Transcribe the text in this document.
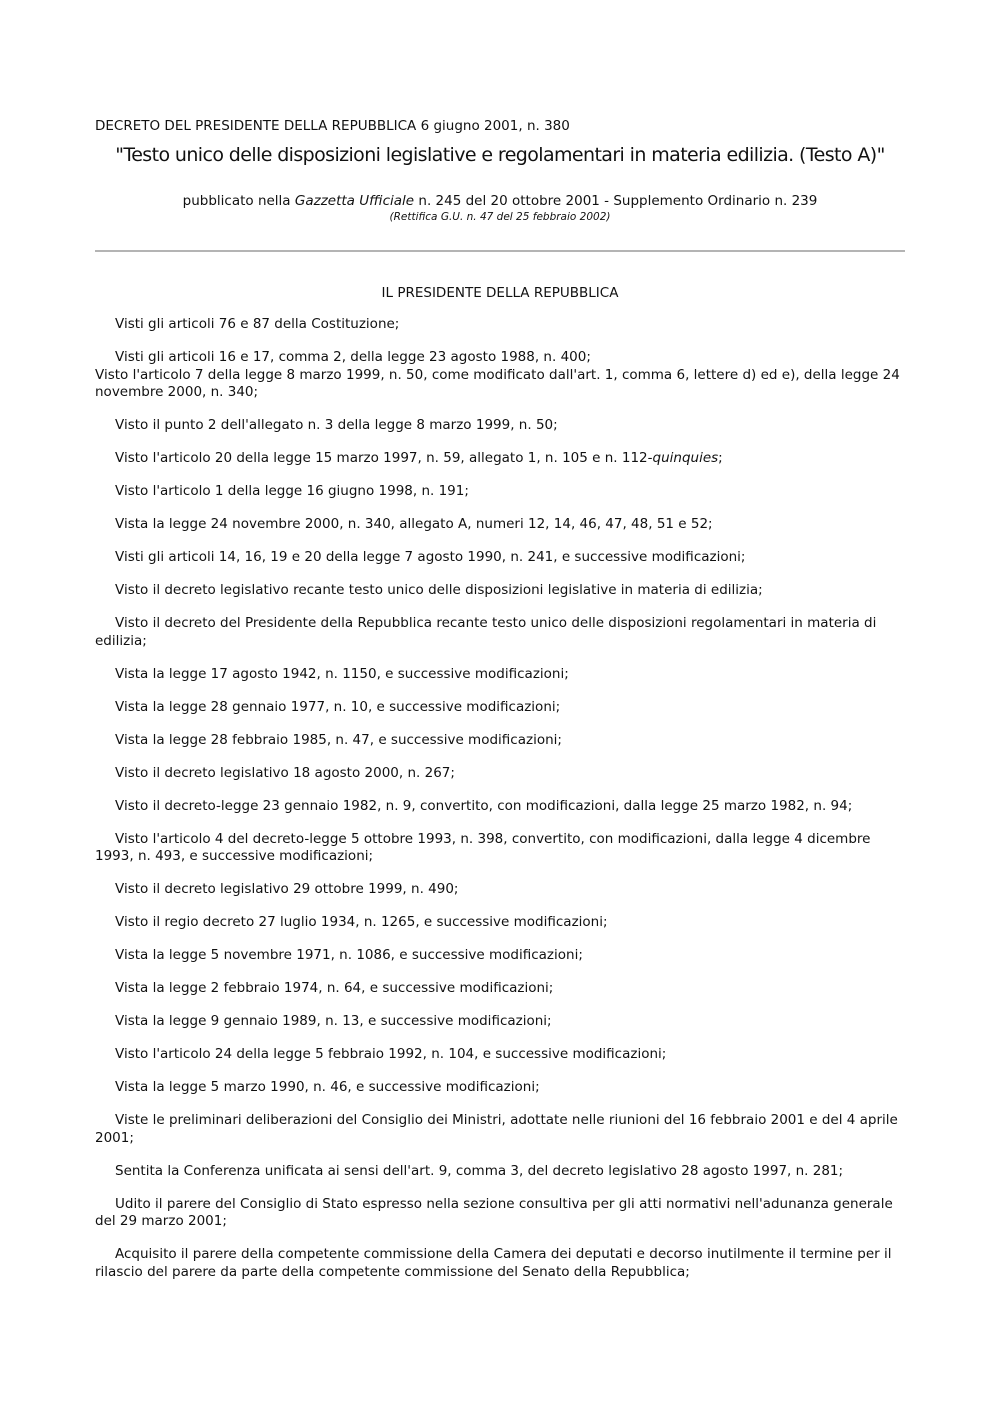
DECRETO DEL PRESIDENTE DELLA REPUBBLICA 6 giugno 2001, n. 380
"Testo unico delle disposizioni legislative e regolamentari in materia edilizia. (Testo A)"
pubblicato nella Gazzetta Ufficiale n. 245 del 20 ottobre 2001 - Supplemento Ordinario n. 239
(Rettifica G.U. n. 47 del 25 febbraio 2002)
IL PRESIDENTE DELLA REPUBBLICA

Visti gli articoli 76 e 87 della Costituzione;

Visti gli articoli 16 e 17, comma 2, della legge 23 agosto 1988, n. 400;

Visto l'articolo 7 della legge 8 marzo 1999, n. 50, come modificato dall'art. 1, comma 6, lettere d) ed e), della legge 24 novembre 2000, n. 340;

Visto il punto 2 dell'allegato n. 3 della legge 8 marzo 1999, n. 50;

Visto l'articolo 20 della legge 15 marzo 1997, n. 59, allegato 1, n. 105 e n. 112-quinquies;

Visto l'articolo 1 della legge 16 giugno 1998, n. 191;

Vista la legge 24 novembre 2000, n. 340, allegato A, numeri 12, 14, 46, 47, 48, 51 e 52;

Visti gli articoli 14, 16, 19 e 20 della legge 7 agosto 1990, n. 241, e successive modificazioni;

Visto il decreto legislativo recante testo unico delle disposizioni legislative in materia di edilizia;

Visto il decreto del Presidente della Repubblica recante testo unico delle disposizioni regolamentari in materia di edilizia;

Vista la legge 17 agosto 1942, n. 1150, e successive modificazioni;

Vista la legge 28 gennaio 1977, n. 10, e successive modificazioni;

Vista la legge 28 febbraio 1985, n. 47, e successive modificazioni;

Visto il decreto legislativo 18 agosto 2000, n. 267;

Visto il decreto-legge 23 gennaio 1982, n. 9, convertito, con modificazioni, dalla legge 25 marzo 1982, n. 94;

Visto l'articolo 4 del decreto-legge 5 ottobre 1993, n. 398, convertito, con modificazioni, dalla legge 4 dicembre 1993, n. 493, e successive modificazioni;

Visto il decreto legislativo 29 ottobre 1999, n. 490;

Visto il regio decreto 27 luglio 1934, n. 1265, e successive modificazioni;

Vista la legge 5 novembre 1971, n. 1086, e successive modificazioni;

Vista la legge 2 febbraio 1974, n. 64, e successive modificazioni;

Vista la legge 9 gennaio 1989, n. 13, e successive modificazioni;

Visto l'articolo 24 della legge 5 febbraio 1992, n. 104, e successive modificazioni;

Vista la legge 5 marzo 1990, n. 46, e successive modificazioni;

Viste le preliminari deliberazioni del Consiglio dei Ministri, adottate nelle riunioni del 16 febbraio 2001 e del 4 aprile 2001;

Sentita la Conferenza unificata ai sensi dell'art. 9, comma 3, del decreto legislativo 28 agosto 1997, n. 281;

Udito il parere del Consiglio di Stato espresso nella sezione consultiva per gli atti normativi nell'adunanza generale del 29 marzo 2001;

Acquisito il parere della competente commissione della Camera dei deputati e decorso inutilmente il termine per il rilascio del parere da parte della competente commissione del Senato della Repubblica;
